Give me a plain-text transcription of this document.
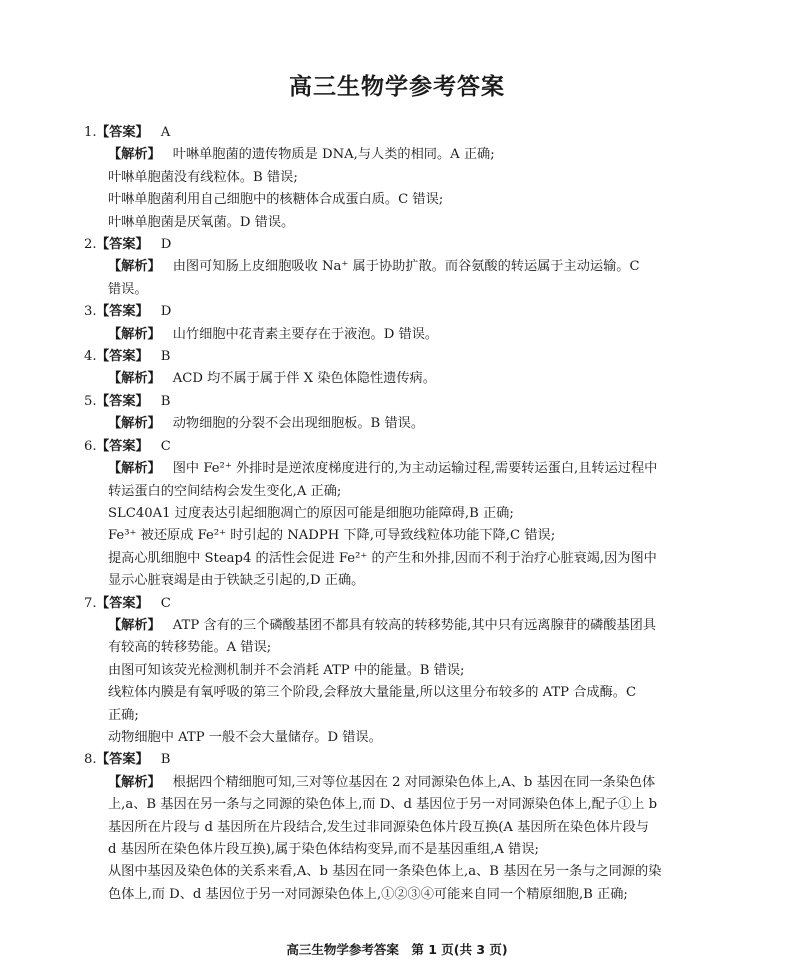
高三生物学参考答案
1.【答案】 A
【解析】 叶啉单胞菌的遗传物质是 DNA,与人类的相同。A 正确;
叶啉单胞菌没有线粒体。B 错误;
叶啉单胞菌利用自己细胞中的核糖体合成蛋白质。C 错误;
叶啉单胞菌是厌氧菌。D 错误。
2.【答案】 D
【解析】 由图可知肠上皮细胞吸收 Na⁺ 属于协助扩散。而谷氨酸的转运属于主动运输。C
错误。
3.【答案】 D
【解析】 山竹细胞中花青素主要存在于液泡。D 错误。
4.【答案】 B
【解析】 ACD 均不属于属于伴 X 染色体隐性遗传病。
5.【答案】 B
【解析】 动物细胞的分裂不会出现细胞板。B 错误。
6.【答案】 C
【解析】 图中 Fe²⁺ 外排时是逆浓度梯度进行的,为主动运输过程,需要转运蛋白,且转运过程中
转运蛋白的空间结构会发生变化,A 正确;
SLC40A1 过度表达引起细胞凋亡的原因可能是细胞功能障碍,B 正确;
Fe³⁺ 被还原成 Fe²⁺ 时引起的 NADPH 下降,可导致线粒体功能下降,C 错误;
提高心肌细胞中 Steap4 的活性会促进 Fe²⁺ 的产生和外排,因而不利于治疗心脏衰竭,因为图中
显示心脏衰竭是由于铁缺乏引起的,D 正确。
7.【答案】 C
【解析】 ATP 含有的三个磷酸基团不都具有较高的转移势能,其中只有远离腺苷的磷酸基团具
有较高的转移势能。A 错误;
由图可知该荧光检测机制并不会消耗 ATP 中的能量。B 错误;
线粒体内膜是有氧呼吸的第三个阶段,会释放大量能量,所以这里分布较多的 ATP 合成酶。C
正确;
动物细胞中 ATP 一般不会大量储存。D 错误。
8.【答案】 B
【解析】 根据四个精细胞可知,三对等位基因在 2 对同源染色体上,A、b 基因在同一条染色体
上,a、B 基因在另一条与之同源的染色体上,而 D、d 基因位于另一对同源染色体上,配子①上 b
基因所在片段与 d 基因所在片段结合,发生过非同源染色体片段互换(A 基因所在染色体片段与
d 基因所在染色体片段互换),属于染色体结构变异,而不是基因重组,A 错误;
从图中基因及染色体的关系来看,A、b 基因在同一条染色体上,a、B 基因在另一条与之同源的染
色体上,而 D、d 基因位于另一对同源染色体上,①②③④可能来自同一个精原细胞,B 正确;
高三生物学参考答案　第 1 页(共 3 页)
